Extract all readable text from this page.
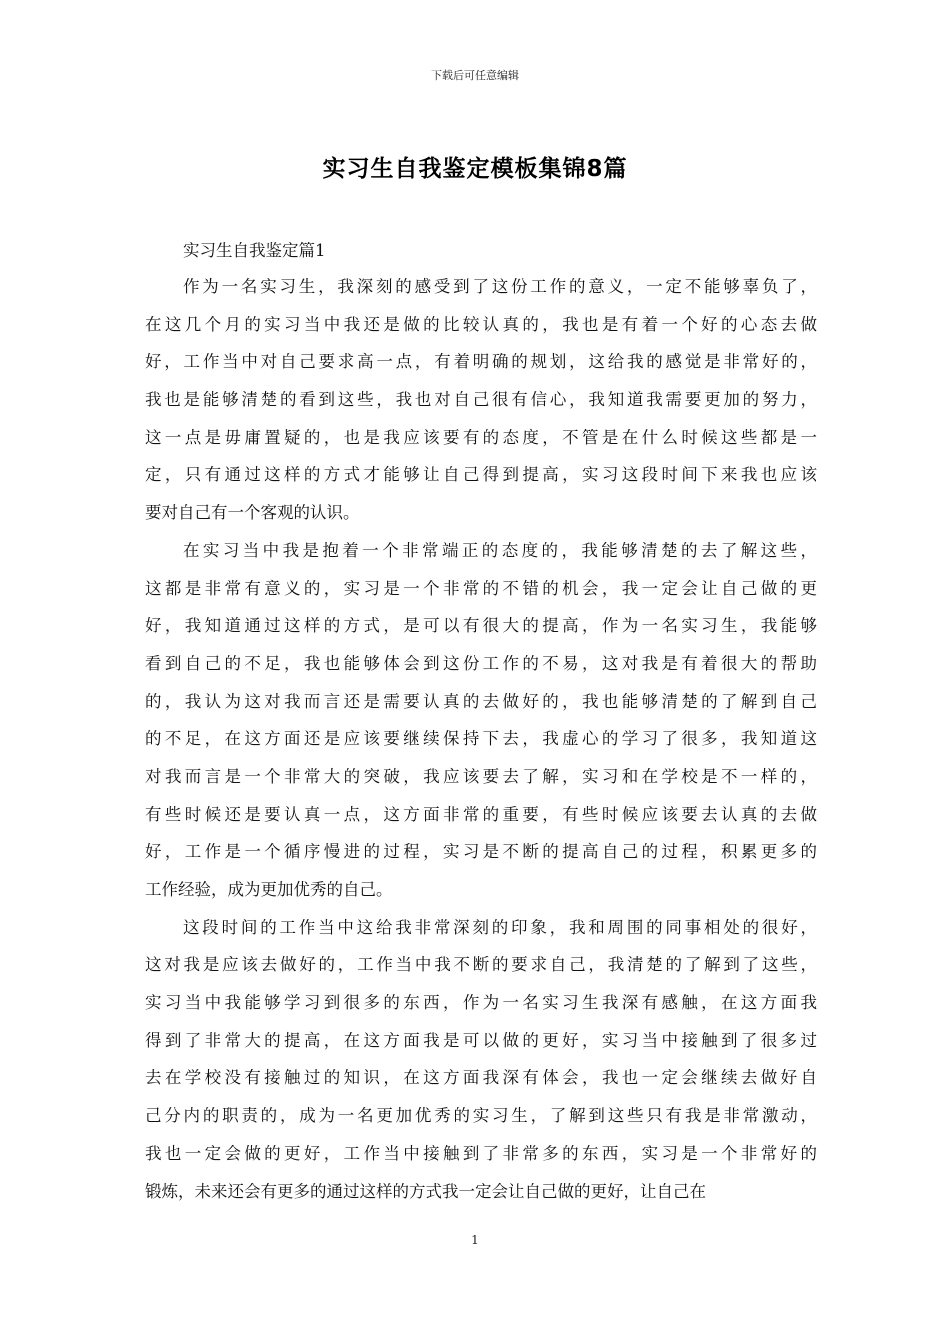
下载后可任意编辑
实习生自我鉴定模板集锦8篇
实习生自我鉴定篇1
作为一名实习生，我深刻的感受到了这份工作的意义，一定不能够辜负了，
在这几个月的实习当中我还是做的比较认真的，我也是有着一个好的心态去做
好，工作当中对自己要求高一点，有着明确的规划，这给我的感觉是非常好的，
我也是能够清楚的看到这些，我也对自己很有信心，我知道我需要更加的努力，
这一点是毋庸置疑的，也是我应该要有的态度，不管是在什么时候这些都是一
定，只有通过这样的方式才能够让自己得到提高，实习这段时间下来我也应该
要对自己有一个客观的认识。
在实习当中我是抱着一个非常端正的态度的，我能够清楚的去了解这些，
这都是非常有意义的，实习是一个非常的不错的机会，我一定会让自己做的更
好，我知道通过这样的方式，是可以有很大的提高，作为一名实习生，我能够
看到自己的不足，我也能够体会到这份工作的不易，这对我是有着很大的帮助
的，我认为这对我而言还是需要认真的去做好的，我也能够清楚的了解到自己
的不足，在这方面还是应该要继续保持下去，我虚心的学习了很多，我知道这
对我而言是一个非常大的突破，我应该要去了解，实习和在学校是不一样的，
有些时候还是要认真一点，这方面非常的重要，有些时候应该要去认真的去做
好，工作是一个循序慢进的过程，实习是不断的提高自己的过程，积累更多的
工作经验，成为更加优秀的自己。
这段时间的工作当中这给我非常深刻的印象，我和周围的同事相处的很好，
这对我是应该去做好的，工作当中我不断的要求自己，我清楚的了解到了这些，
实习当中我能够学习到很多的东西，作为一名实习生我深有感触，在这方面我
得到了非常大的提高，在这方面我是可以做的更好，实习当中接触到了很多过
去在学校没有接触过的知识，在这方面我深有体会，我也一定会继续去做好自
己分内的职责的，成为一名更加优秀的实习生，了解到这些只有我是非常激动，
我也一定会做的更好，工作当中接触到了非常多的东西，实习是一个非常好的
锻炼，未来还会有更多的通过这样的方式我一定会让自己做的更好，让自己在
1
